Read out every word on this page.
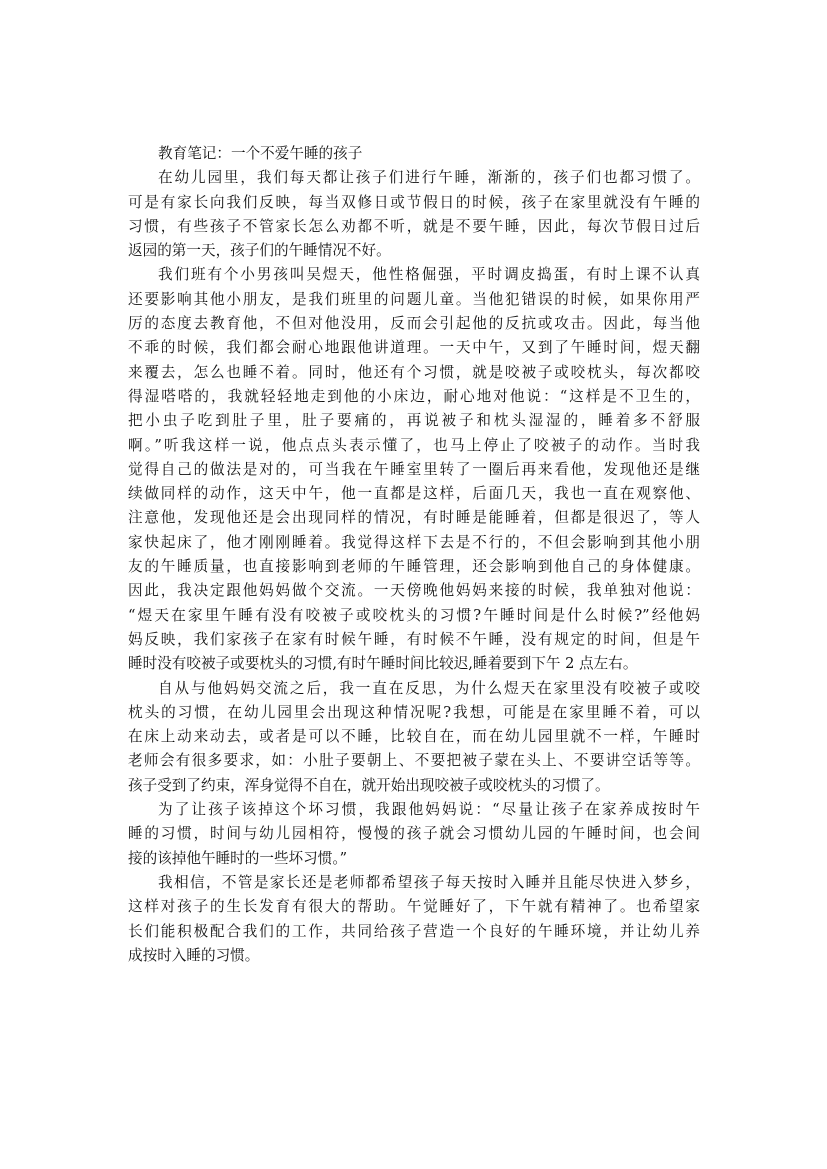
教育笔记：一个不爱午睡的孩子
在幼儿园里，我们每天都让孩子们进行午睡，渐渐的，孩子们也都习惯了。
可是有家长向我们反映，每当双修日或节假日的时候，孩子在家里就没有午睡的
习惯，有些孩子不管家长怎么劝都不听，就是不要午睡，因此，每次节假日过后
返园的第一天，孩子们的午睡情况不好。
我们班有个小男孩叫吴煜天，他性格倔强，平时调皮捣蛋，有时上课不认真
还要影响其他小朋友，是我们班里的问题儿童。当他犯错误的时候，如果你用严
厉的态度去教育他，不但对他没用，反而会引起他的反抗或攻击。因此，每当他
不乖的时候，我们都会耐心地跟他讲道理。一天中午，又到了午睡时间，煜天翻
来覆去，怎么也睡不着。同时，他还有个习惯，就是咬被子或咬枕头，每次都咬
得湿嗒嗒的，我就轻轻地走到他的小床边，耐心地对他说：“这样是不卫生的，
把小虫子吃到肚子里，肚子要痛的，再说被子和枕头湿湿的，睡着多不舒服
啊。”听我这样一说，他点点头表示懂了，也马上停止了咬被子的动作。当时我
觉得自己的做法是对的，可当我在午睡室里转了一圈后再来看他，发现他还是继
续做同样的动作，这天中午，他一直都是这样，后面几天，我也一直在观察他、
注意他，发现他还是会出现同样的情况，有时睡是能睡着，但都是很迟了，等人
家快起床了，他才刚刚睡着。我觉得这样下去是不行的，不但会影响到其他小朋
友的午睡质量，也直接影响到老师的午睡管理，还会影响到他自己的身体健康。
因此，我决定跟他妈妈做个交流。一天傍晚他妈妈来接的时候，我单独对他说：
“煜天在家里午睡有没有咬被子或咬枕头的习惯?午睡时间是什么时候?”经他妈
妈反映，我们家孩子在家有时候午睡，有时候不午睡，没有规定的时间，但是午
睡时没有咬被子或要枕头的习惯,有时午睡时间比较迟,睡着要到下午 2 点左右。
自从与他妈妈交流之后，我一直在反思，为什么煜天在家里没有咬被子或咬
枕头的习惯，在幼儿园里会出现这种情况呢?我想，可能是在家里睡不着，可以
在床上动来动去，或者是可以不睡，比较自在，而在幼儿园里就不一样，午睡时
老师会有很多要求，如：小肚子要朝上、不要把被子蒙在头上、不要讲空话等等。
孩子受到了约束，浑身觉得不自在，就开始出现咬被子或咬枕头的习惯了。
为了让孩子该掉这个坏习惯，我跟他妈妈说：“尽量让孩子在家养成按时午
睡的习惯，时间与幼儿园相符，慢慢的孩子就会习惯幼儿园的午睡时间，也会间
接的该掉他午睡时的一些坏习惯。”
我相信，不管是家长还是老师都希望孩子每天按时入睡并且能尽快进入梦乡，
这样对孩子的生长发育有很大的帮助。午觉睡好了，下午就有精神了。也希望家
长们能积极配合我们的工作，共同给孩子营造一个良好的午睡环境，并让幼儿养
成按时入睡的习惯。
